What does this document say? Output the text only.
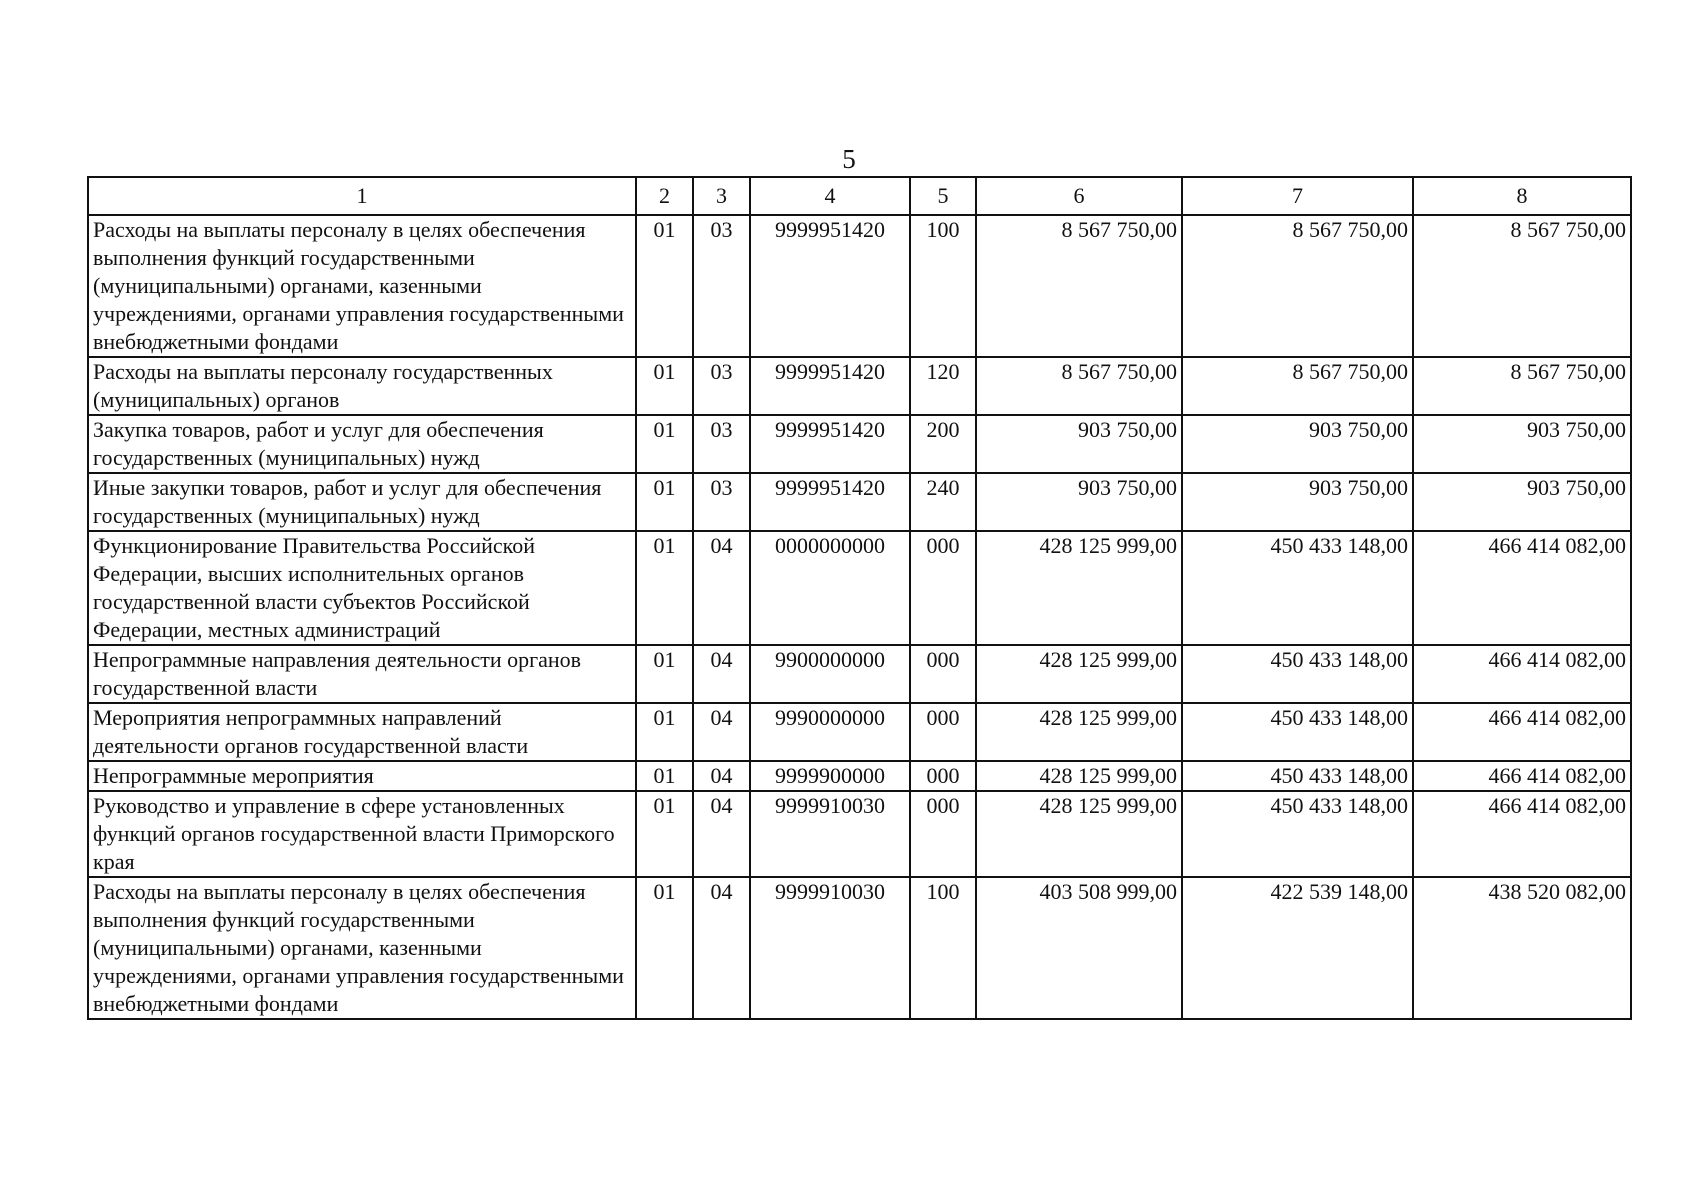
5
1	2	3	4	5	6	7	8
Расходы на выплаты персоналу в целях обеспечения выполнения функций государственными (муниципальными) органами, казенными учреждениями, органами управления государственными внебюджетными фондами	01	03	9999951420	100	8 567 750,00	8 567 750,00	8 567 750,00
Расходы на выплаты персоналу государственных (муниципальных) органов	01	03	9999951420	120	8 567 750,00	8 567 750,00	8 567 750,00
Закупка товаров, работ и услуг для обеспечения государственных (муниципальных) нужд	01	03	9999951420	200	903 750,00	903 750,00	903 750,00
Иные закупки товаров, работ и услуг для обеспечения государственных (муниципальных) нужд	01	03	9999951420	240	903 750,00	903 750,00	903 750,00
Функционирование Правительства Российской Федерации, высших исполнительных органов государственной власти субъектов Российской Федерации, местных администраций	01	04	0000000000	000	428 125 999,00	450 433 148,00	466 414 082,00
Непрограммные направления деятельности органов государственной власти	01	04	9900000000	000	428 125 999,00	450 433 148,00	466 414 082,00
Мероприятия непрограммных направлений деятельности органов государственной власти	01	04	9990000000	000	428 125 999,00	450 433 148,00	466 414 082,00
Непрограммные мероприятия	01	04	9999900000	000	428 125 999,00	450 433 148,00	466 414 082,00
Руководство и управление в сфере установленных функций органов государственной власти Приморского края	01	04	9999910030	000	428 125 999,00	450 433 148,00	466 414 082,00
Расходы на выплаты персоналу в целях обеспечения выполнения функций государственными (муниципальными) органами, казенными учреждениями, органами управления государственными внебюджетными фондами	01	04	9999910030	100	403 508 999,00	422 539 148,00	438 520 082,00
